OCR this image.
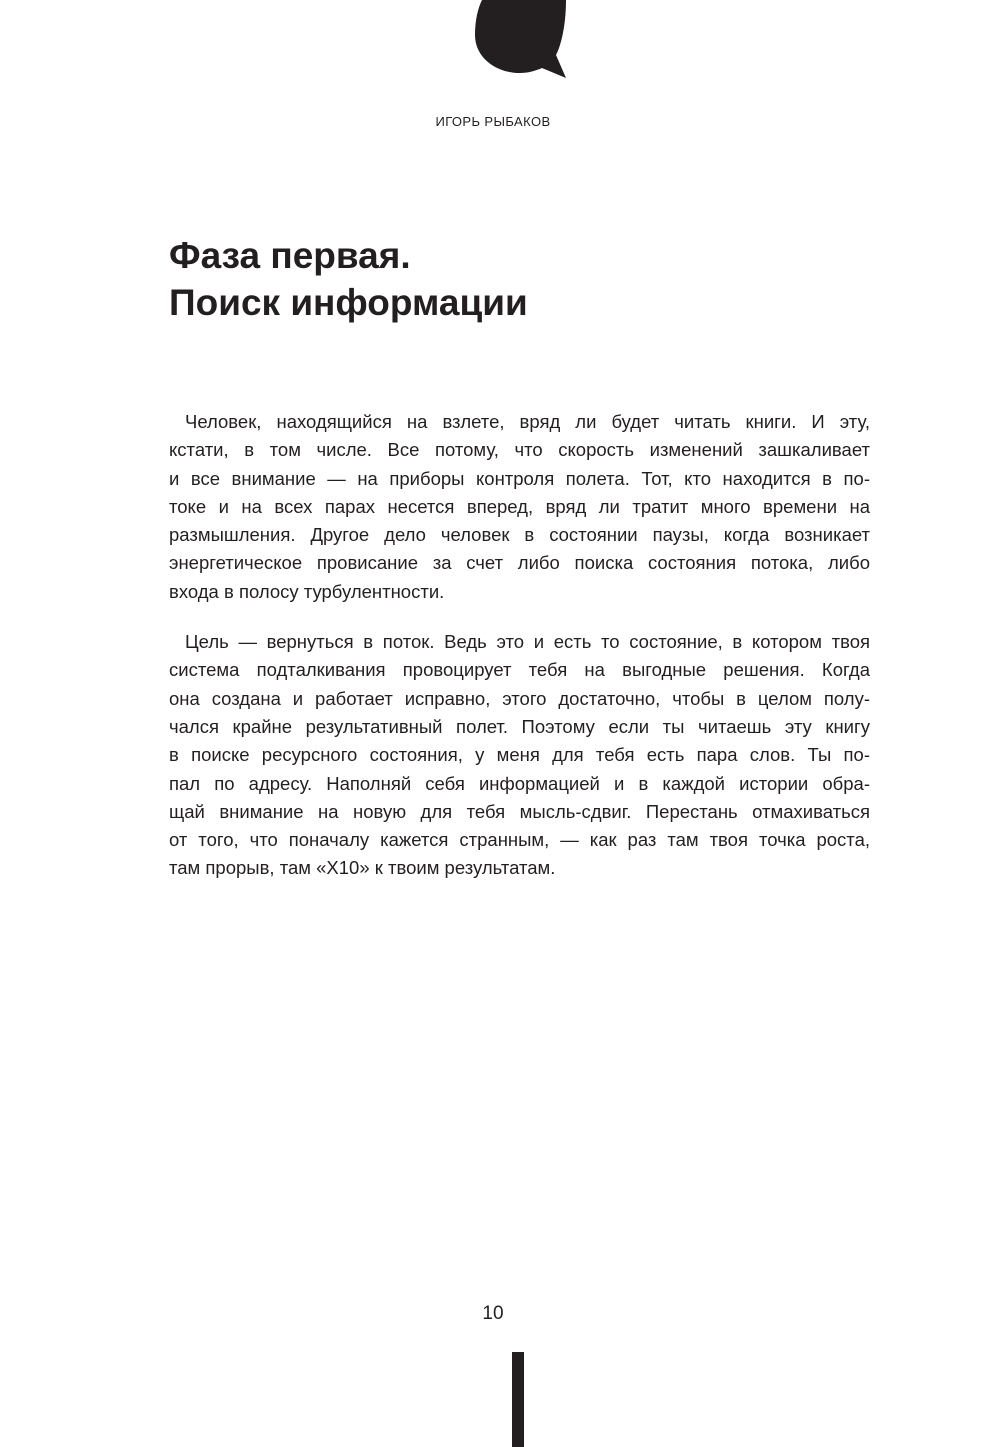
ИГОРЬ РЫБАКОВ
Фаза первая.
Поиск информации

Человек, находящийся на взлете, вряд ли будет читать книги. И эту,
кстати, в том числе. Все потому, что скорость изменений зашкаливает
и все внимание — на приборы контроля полета. Тот, кто находится в по-
токе и на всех парах несется вперед, вряд ли тратит много времени на
размышления. Другое дело человек в состоянии паузы, когда возникает
энергетическое провисание за счет либо поиска состояния потока, либо
входа в полосу турбулентности.

Цель — вернуться в поток. Ведь это и есть то состояние, в котором твоя
система подталкивания провоцирует тебя на выгодные решения. Когда
она создана и работает исправно, этого достаточно, чтобы в целом полу-
чался крайне результативный полет. Поэтому если ты читаешь эту книгу
в поиске ресурсного состояния, у меня для тебя есть пара слов. Ты по-
пал по адресу. Наполняй себя информацией и в каждой истории обра-
щай внимание на новую для тебя мысль-сдвиг. Перестань отмахиваться
от того, что поначалу кажется странным, — как раз там твоя точка роста,
там прорыв, там «Х10» к твоим результатам.

10
